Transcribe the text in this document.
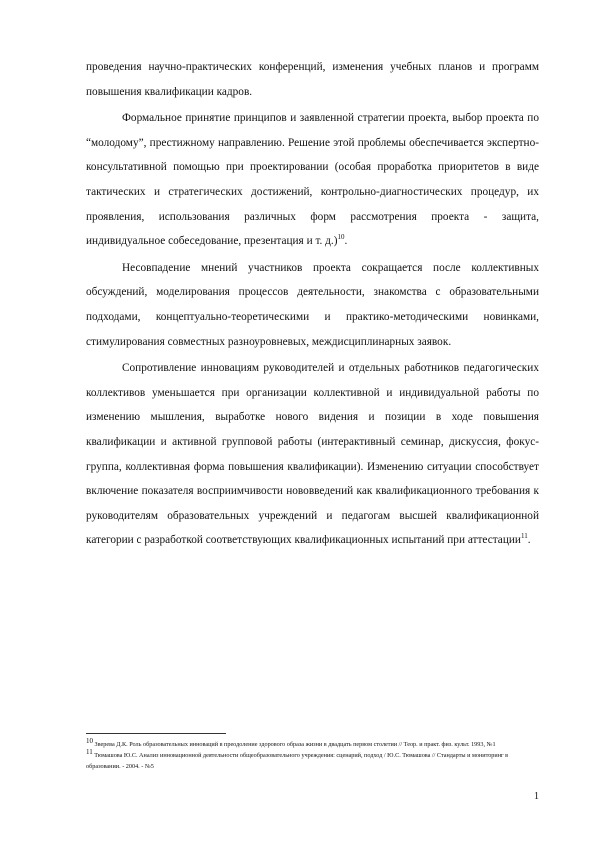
проведения научно-практических конференций, изменения учебных планов и программ повышения квалификации кадров.

Формальное принятие принципов и заявленной стратегии проекта, выбор проекта по “молодому”, престижному направлению. Решение этой проблемы обеспечивается экспертно-консультативной помощью при проектировании (особая проработка приоритетов в виде тактических и стратегических достижений, контрольно-диагностических процедур, их проявления, использования различных форм рассмотрения проекта - защита, индивидуальное собеседование, презентация и т. д.)$^{10}$.

Несовпадение мнений участников проекта сокращается после коллективных обсуждений, моделирования процессов деятельности, знакомства с образовательными подходами, концептуально-теоретическими и практико-методическими новинками, стимулирования совместных разноуровневых, междисциплинарных заявок.

Сопротивление инновациям руководителей и отдельных работников педагогических коллективов уменьшается при организации коллективной и индивидуальной работы по изменению мышления, выработке нового видения и позиции в ходе повышения квалификации и активной групповой работы (интерактивный семинар, дискуссия, фокус-группа, коллективная форма повышения квалификации). Изменению ситуации способствует включение показателя восприимчивости нововведений как квалификационного требования к руководителям образовательных учреждений и педагогам высшей квалификационной категории с разработкой соответствующих квалификационных испытаний при аттестации$^{11}$.

$^{10}$ Зверева Д.К. Роль образовательных инноваций в преодоление здорового образа жизни в двадцать первом столетии // Теор. и практ. физ. культ. 1993, №1

$^{11}$ Тюмашова Ю.С. Анализ инновационной деятельности общеобразовательного учреждения: сценарий, подход / Ю.С. Тюмашова // Стандарты и мониторинг в образовании. - 2004. - №5

1
